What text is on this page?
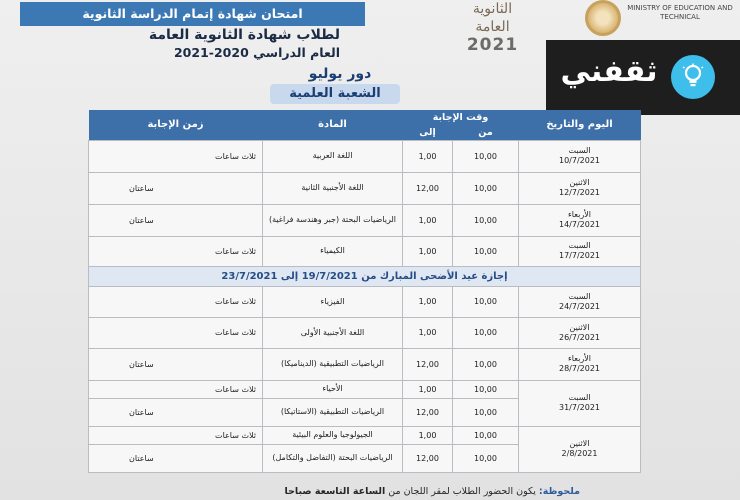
امتحان شهادة إتمام الدراسة الثانوية
لطلاب شهادة الثانوية العامة
العام الدراسي 2020-2021
الثانوية العامة
2021
MINISTRY OF EDUCATION AND TECHNICAL
ثقفني
دور يوليو
الشعبة العلمية
اليوم والتاريخ	وقت الإجابة		المادة	زمن الإجابة
	من	إلى		
السبت
10/7/2021	10,00	1,00	اللغة العربية	ثلاث ساعات
الاثنين
12/7/2021	10,00	12,00	اللغة الأجنبية الثانية	ساعتان
الأربعاء
14/7/2021	10,00	1,00	الرياضيات البحتة (جبر وهندسة فراغية)	ساعتان
السبت
17/7/2021	10,00	1,00	الكيمياء	ثلاث ساعات
إجازة عيد الأضحى المبارك من 19/7/2021 إلى 23/7/2021				
السبت
24/7/2021	10,00	1,00	الفيزياء	ثلاث ساعات
الاثنين
26/7/2021	10,00	1,00	اللغة الأجنبية الأولى	ثلاث ساعات
الأربعاء
28/7/2021	10,00	12,00	الرياضيات التطبيقية (الديناميكا)	ساعتان
السبت
31/7/2021	10,00	1,00	الأحياء	ثلاث ساعات
	10,00	12,00	الرياضيات التطبيقية (الاستاتيكا)	ساعتان
الاثنين
2/8/2021	10,00	1,00	الجيولوجيا والعلوم البيئية	ثلاث ساعات
	10,00	12,00	الرياضيات البحتة (التفاضل والتكامل)	ساعتان
ملحوظة: يكون الحضور الطلاب لمقر اللجان من الساعة التاسعة صباحا
